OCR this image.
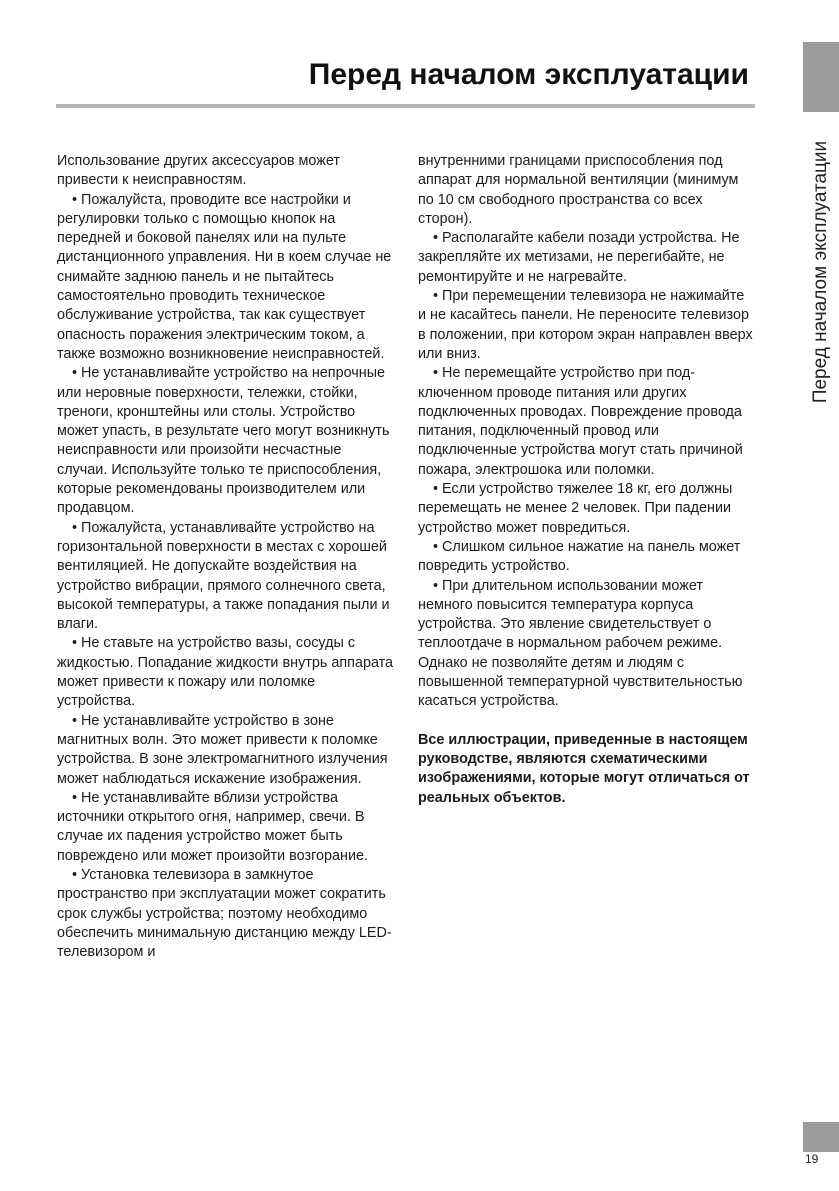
Перед началом эксплуатации
Перед началом эксплуатации

Использование других аксессуаров может привести к неисправностям.

• Пожалуйста, проводите все настройки и регулировки только с помощью кнопок на передней и боковой панелях или на пульте дистанционного управления. Ни в коем случае не снимайте заднюю панель и не пытайтесь самостоятельно проводить техническое обслуживание устройства, так как существует опасность поражения электрическим током, а также возможно возникновение неисправностей.

• Не устанавливайте устройство на непрочные или неровные поверхности, тележки, стойки, треноги, кронштейны или столы. Устройство может упасть, в результате чего могут возникнуть неисправности или произойти несчастные случаи. Используйте только те приспособления, которые рекомендованы производителем или продавцом.

• Пожалуйста, устанавливайте устройство на горизонтальной поверхности в местах с хорошей вентиляцией. Не допускайте воздействия на устройство вибрации, прямого солнечного света, высокой температуры, а также попадания пыли и влаги.

• Не ставьте на устройство вазы, сосуды с жидкостью. Попадание жидкости внутрь аппарата может привести к пожару или поломке устройства.

• Не устанавливайте устройство в зоне магнитных волн. Это может привести к поломке устройства. В зоне электромагнитного излучения может наблюдаться искажение изображения.

• Не устанавливайте вблизи устройства источники открытого огня, например, свечи. В случае их падения устройство может быть повреждено или может произойти возгорание.

• Установка телевизора в замкнутое пространство при эксплуатации может сократить срок службы устройства; поэтому необходимо обеспечить минимальную дистанцию между LED-телевизором и

внутренними границами приспособления под аппарат для нормальной вентиляции (минимум по 10 см свободного пространства со всех сторон).

• Располагайте кабели позади устройства. Не закрепляйте их метизами, не перегибайте, не ремонтируйте и не нагревайте.

• При перемещении телевизора не нажимайте и не касайтесь панели. Не переносите телевизор в положении, при котором экран направлен вверх или вниз.

• Не перемещайте устройство при подключенном проводе питания или других подключенных проводах. Повреждение провода питания, подключенный провод или подключенные устройства могут стать причиной пожара, электрошока или поломки.

• Если устройство тяжелее 18 кг, его должны перемещать не менее 2 человек. При падении устройство может повредиться.

• Слишком сильное нажатие на панель может повредить устройство.

• При длительном использовании может немного повысится температура корпуса устройства. Это явление свидетельствует о теплоотдаче в нормальном рабочем режиме. Однако не позволяйте детям и людям с повышенной температурной чувствительностью касаться устройства.

Все иллюстрации, приведенные в настоящем руководстве, являются схематическими изображениями, которые могут отличаться от реальных объектов.

19
